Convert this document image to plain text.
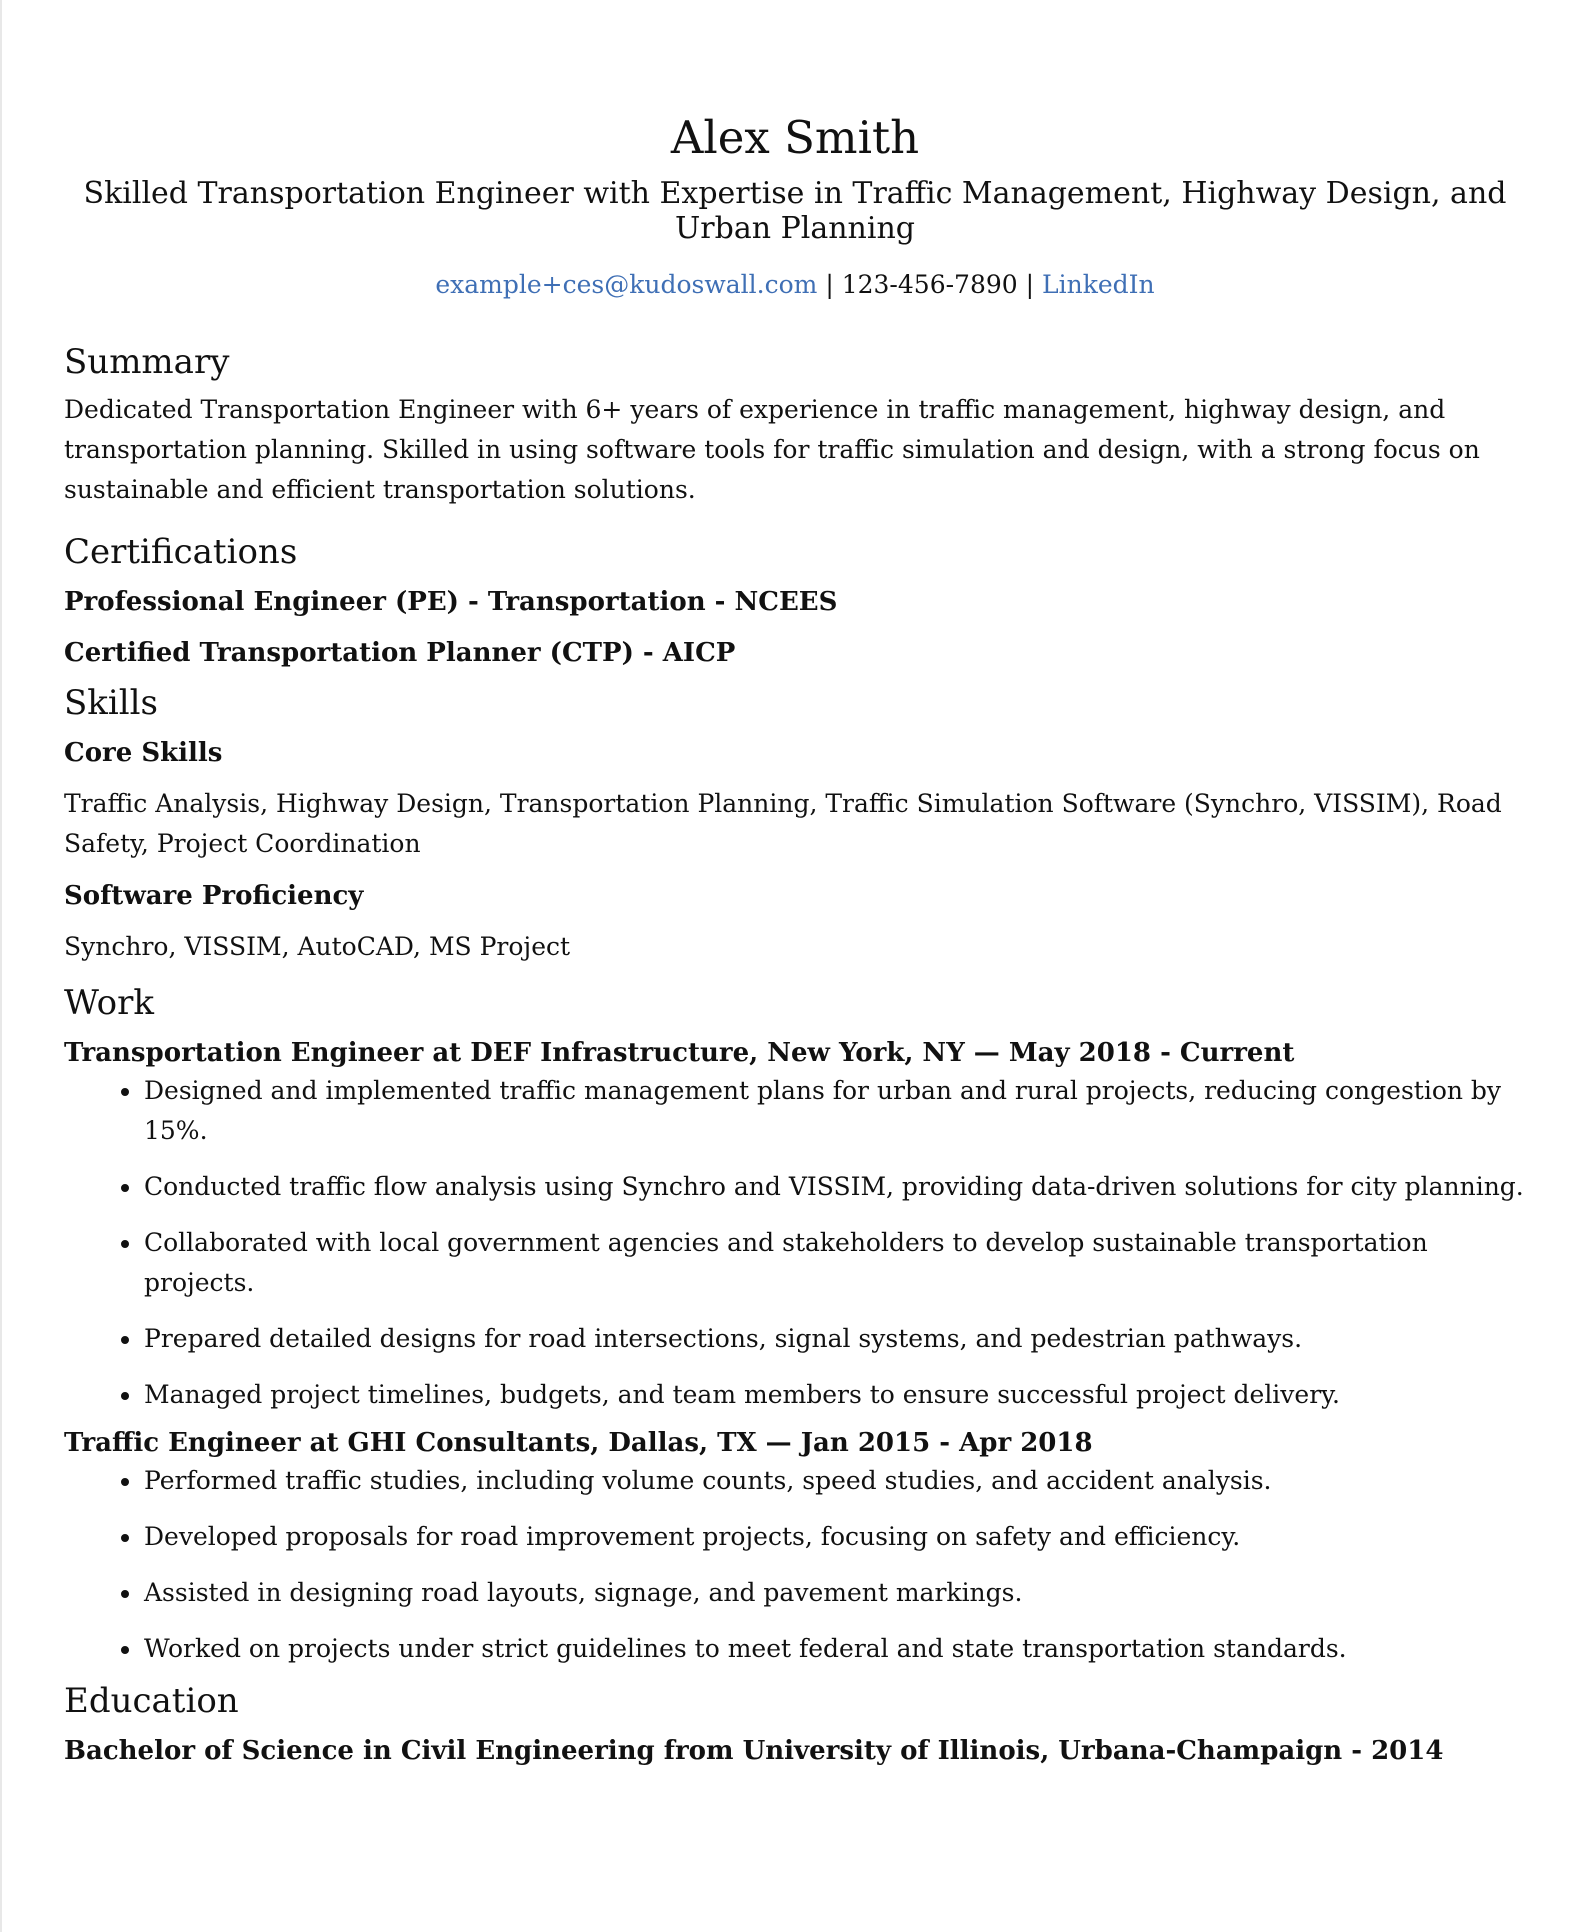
Alex Smith
Skilled Transportation Engineer with Expertise in Traffic Management, Highway Design, and Urban Planning
example+ces@kudoswall.com | 123-456-7890 | LinkedIn
Summary

Dedicated Transportation Engineer with 6+ years of experience in traffic management, highway design, and transportation planning. Skilled in using software tools for traffic simulation and design, with a strong focus on sustainable and efficient transportation solutions.

Certifications

Professional Engineer (PE) - Transportation - NCEES

Certified Transportation Planner (CTP) - AICP

Skills

Core Skills

Traffic Analysis, Highway Design, Transportation Planning, Traffic Simulation Software (Synchro, VISSIM), Road Safety, Project Coordination

Software Proficiency

Synchro, VISSIM, AutoCAD, MS Project

Work

Transportation Engineer at DEF Infrastructure, New York, NY — May 2018 - Current

Designed and implemented traffic management plans for urban and rural projects, reducing congestion by 15%.
Conducted traffic flow analysis using Synchro and VISSIM, providing data-driven solutions for city planning.
Collaborated with local government agencies and stakeholders to develop sustainable transportation projects.
Prepared detailed designs for road intersections, signal systems, and pedestrian pathways.
Managed project timelines, budgets, and team members to ensure successful project delivery.

Traffic Engineer at GHI Consultants, Dallas, TX — Jan 2015 - Apr 2018

Performed traffic studies, including volume counts, speed studies, and accident analysis.
Developed proposals for road improvement projects, focusing on safety and efficiency.
Assisted in designing road layouts, signage, and pavement markings.
Worked on projects under strict guidelines to meet federal and state transportation standards.
Education

Bachelor of Science in Civil Engineering from University of Illinois, Urbana-Champaign - 2014
